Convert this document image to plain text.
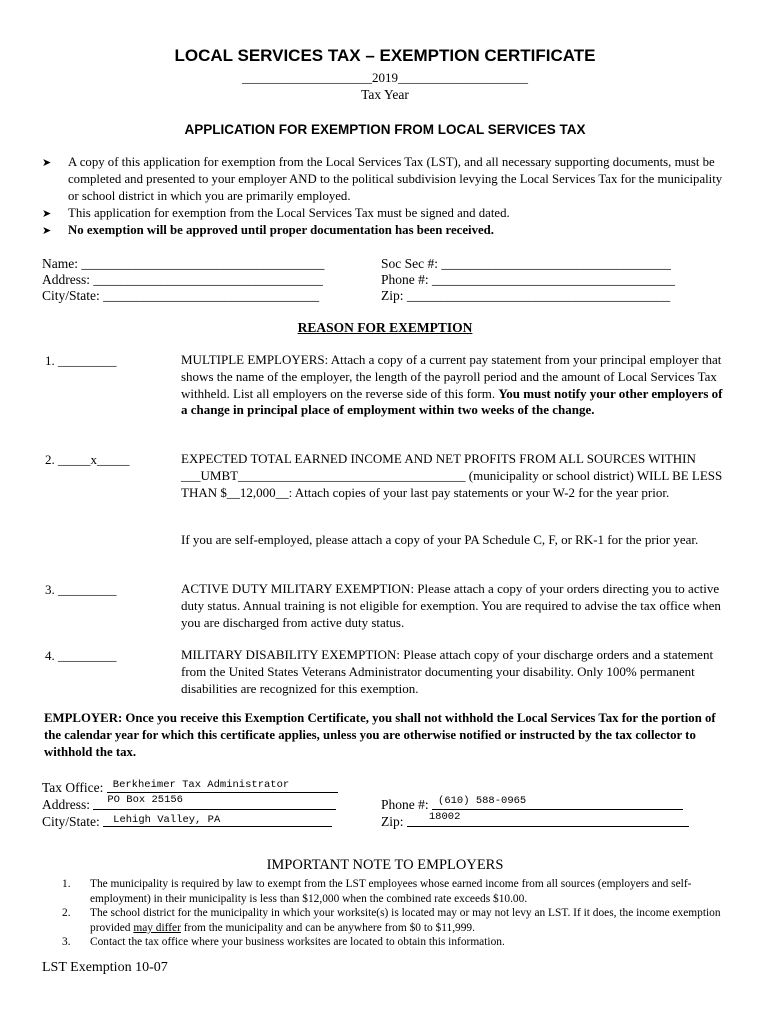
LOCAL SERVICES TAX – EXEMPTION CERTIFICATE
____________________2019____________________
Tax Year
APPLICATION FOR EXEMPTION FROM LOCAL SERVICES TAX
➤	A copy of this application for exemption from the Local Services Tax (LST), and all necessary supporting documents, must be completed and presented to your employer AND to the political subdivision levying the Local Services Tax for the municipality or school district in which you are primarily employed.
➤	This application for exemption from the Local Services Tax must be signed and dated.
➤	No exemption will be approved until proper documentation has been received.
Name: ____________________________________
Address: __________________________________
City/State: ________________________________
Soc Sec #: __________________________________
Phone #: ____________________________________
Zip: _______________________________________
REASON FOR EXEMPTION
1. _________	MULTIPLE EMPLOYERS: Attach a copy of a current pay statement from your principal employer that shows the name of the employer, the length of the payroll period and the amount of Local Services Tax withheld. List all employers on the reverse side of this form. You must notify your other employers of a change in principal place of employment within two weeks of the change.
2. _____x_____	EXPECTED TOTAL EARNED INCOME AND NET PROFITS FROM ALL SOURCES WITHIN ___UMBT___________________________________ (municipality or school district) WILL BE LESS THAN $__12,000__: Attach copies of your last pay statements or your W-2 for the year prior.
If you are self-employed, please attach a copy of your PA Schedule C, F, or RK-1 for the prior year.
3. _________	ACTIVE DUTY MILITARY EXEMPTION: Please attach a copy of your orders directing you to active duty status. Annual training is not eligible for exemption. You are required to advise the tax office when you are discharged from active duty status.
4. _________	MILITARY DISABILITY EXEMPTION: Please attach copy of your discharge orders and a statement from the United States Veterans Administrator documenting your disability. Only 100% permanent disabilities are recognized for this exemption.
EMPLOYER: Once you receive this Exemption Certificate, you shall not withhold the Local Services Tax for the portion of the calendar year for which this certificate applies, unless you are otherwise notified or instructed by the tax collector to withhold the tax.
Tax Office: Berkheimer Tax Administrator
Address: PO Box 25156
City/State: Lehigh Valley, PA
Phone #: (610) 588-0965
Zip: 18002
IMPORTANT NOTE TO EMPLOYERS
1.	The municipality is required by law to exempt from the LST employees whose earned income from all sources (employers and self-employment) in their municipality is less than $12,000 when the combined rate exceeds $10.00.
2.	The school district for the municipality in which your worksite(s) is located may or may not levy an LST. If it does, the income exemption provided may differ from the municipality and can be anywhere from $0 to $11,999.
3.	Contact the tax office where your business worksites are located to obtain this information.
LST Exemption 10-07
